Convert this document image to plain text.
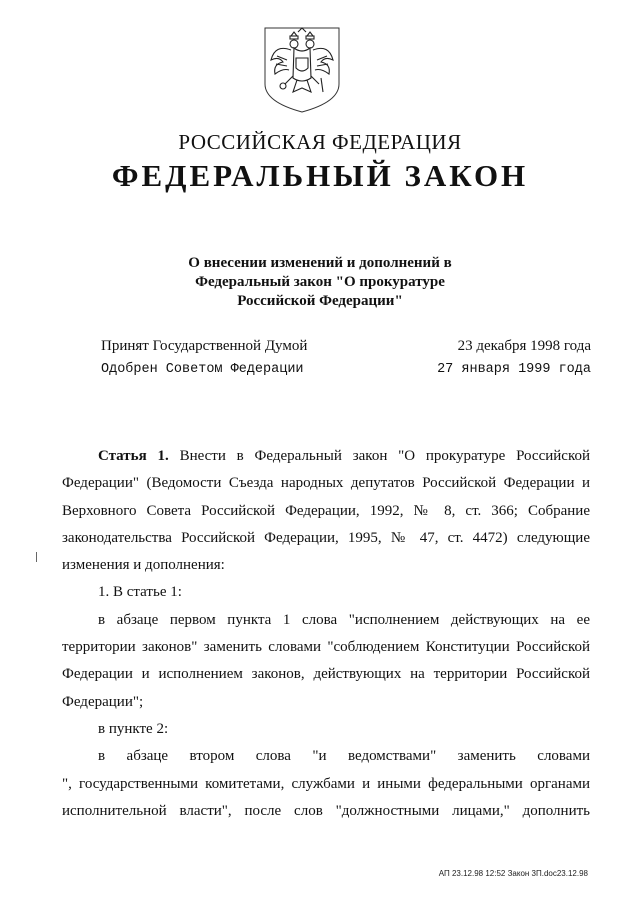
РОССИЙСКАЯ ФЕДЕРАЦИЯ
ФЕДЕРАЛЬНЫЙ ЗАКОН
О внесении изменений и дополнений в
Федеральный закон "О прокуратуре
Российской Федерации"
Принят Государственной Думой	23 декабря 1998 года
Одобрен Советом Федерации	27 января 1999 года

Статья 1. Внести в Федеральный закон "О прокуратуре Российской

Федерации" (Ведомости Съезда народных депутатов Российской Федерации и

Верховного Совета Российской Федерации, 1992, № 8, ст. 366; Собрание

законодательства Российской Федерации, 1995, № 47, ст. 4472) следующие

изменения и дополнения:

1. В статье 1:

в абзаце первом пункта 1 слова "исполнением действующих на ее

территории законов" заменить словами "соблюдением Конституции Российской

Федерации и исполнением законов, действующих на территории Российской

Федерации";

в пункте 2:

в абзаце втором слова "и ведомствами" заменить словами

", государственными комитетами, службами и иными федеральными органами

исполнительной власти", после слов "должностными лицами," дополнить

АП 23.12.98 12:52 Закон 3П.doc23.12.98
